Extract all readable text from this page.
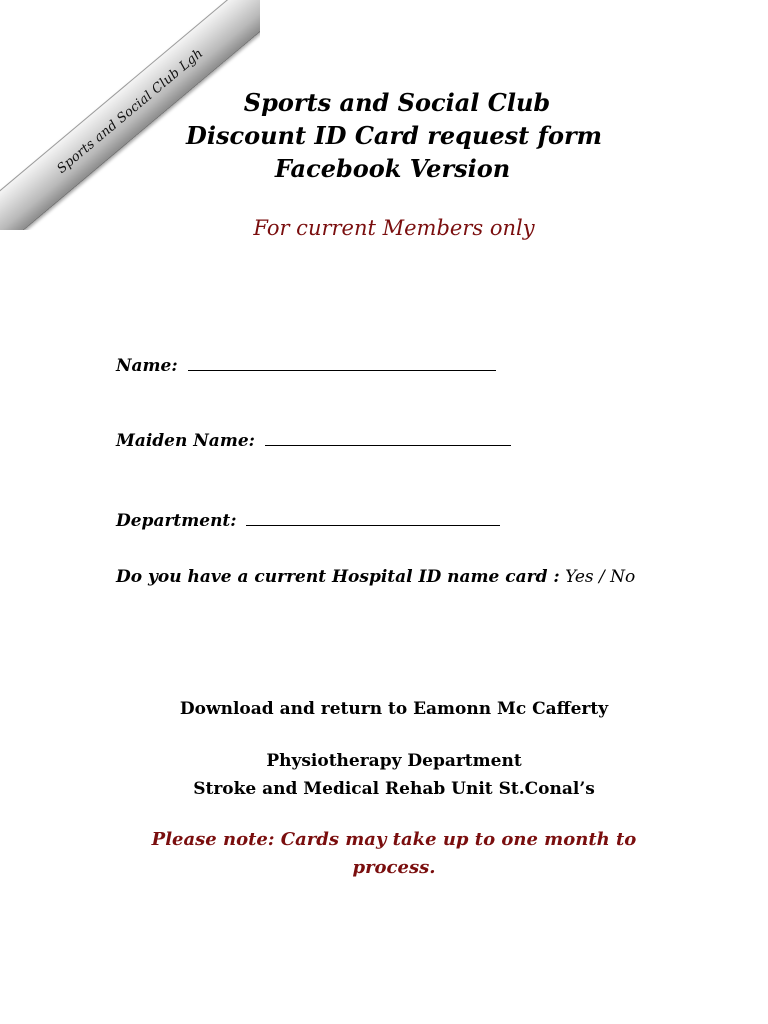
Sports and Social Club Lgh	Sports and Social Club
Discount ID Card request form
Facebook Version
For current Members only
Name:
Maiden Name:
Department:
Do you have a current Hospital ID name card : Yes / No
Download and return to Eamonn Mc Cafferty
Physiotherapy Department
Stroke and Medical Rehab Unit St.Conal’s
Please note: Cards may take up to one month to process.
